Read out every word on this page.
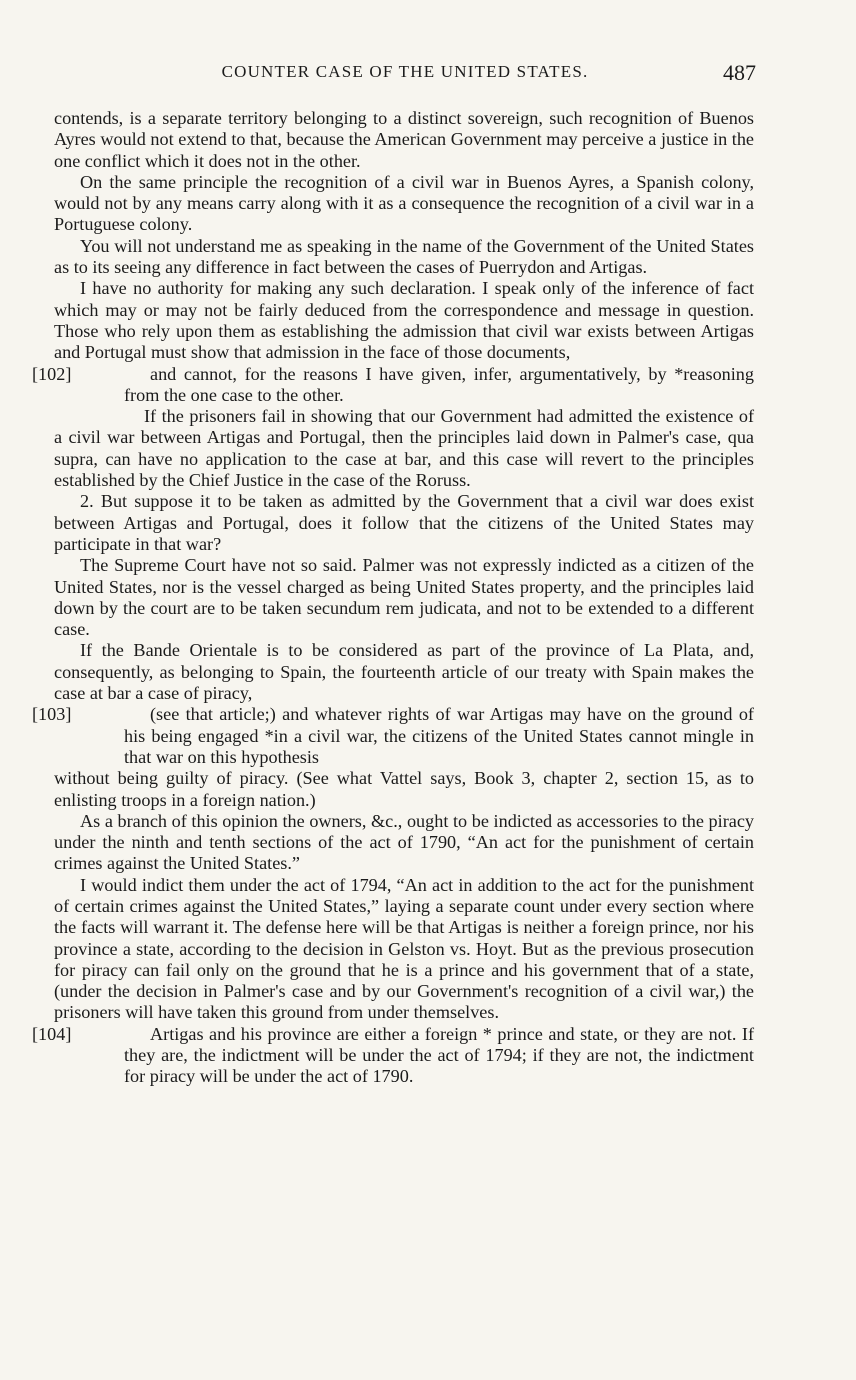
COUNTER CASE OF THE UNITED STATES.	487

contends, is a separate territory belonging to a distinct sovereign, such recognition of Buenos Ayres would not extend to that, because the American Government may perceive a justice in the one conflict which it does not in the other.

On the same principle the recognition of a civil war in Buenos Ayres, a Spanish colony, would not by any means carry along with it as a consequence the recognition of a civil war in a Portuguese colony.

You will not understand me as speaking in the name of the Government of the United States as to its seeing any difference in fact between the cases of Puerrydon and Artigas.

I have no authority for making any such declaration. I speak only of the inference of fact which may or may not be fairly deduced from the correspondence and message in question. Those who rely upon them as establishing the admission that civil war exists between Artigas and Portugal must show that admission in the face of those documents,

[102]	and cannot, for the reasons I have given, infer, argumentatively, by *reasoning from the one case to the other.

If the prisoners fail in showing that our Government had admitted the existence of a civil war between Artigas and Portugal, then the principles laid down in Palmer's case, qua supra, can have no application to the case at bar, and this case will revert to the principles established by the Chief Justice in the case of the Roruss.

2. But suppose it to be taken as admitted by the Government that a civil war does exist between Artigas and Portugal, does it follow that the citizens of the United States may participate in that war?

The Supreme Court have not so said. Palmer was not expressly indicted as a citizen of the United States, nor is the vessel charged as being United States property, and the principles laid down by the court are to be taken secundum rem judicata, and not to be extended to a different case.

If the Bande Orientale is to be considered as part of the province of La Plata, and, consequently, as belonging to Spain, the fourteenth article of our treaty with Spain makes the case at bar a case of piracy,

[103]	(see that article;) and whatever rights of war Artigas may have on the ground of his being engaged *in a civil war, the citizens of the United States cannot mingle in that war on this hypothesis

without being guilty of piracy. (See what Vattel says, Book 3, chapter 2, section 15, as to enlisting troops in a foreign nation.)

As a branch of this opinion the owners, &c., ought to be indicted as accessories to the piracy under the ninth and tenth sections of the act of 1790, “An act for the punishment of certain crimes against the United States.”

I would indict them under the act of 1794, “An act in addition to the act for the punishment of certain crimes against the United States,” laying a separate count under every section where the facts will warrant it. The defense here will be that Artigas is neither a foreign prince, nor his province a state, according to the decision in Gelston vs. Hoyt. But as the previous prosecution for piracy can fail only on the ground that he is a prince and his government that of a state, (under the decision in Palmer's case and by our Government's recognition of a civil war,) the prisoners will have taken this ground from under themselves.

[104]	Artigas and his province are either a foreign * prince and state, or they are not. If they are, the indictment will be under the act of 1794; if they are not, the indictment for piracy will be under the act of 1790.
